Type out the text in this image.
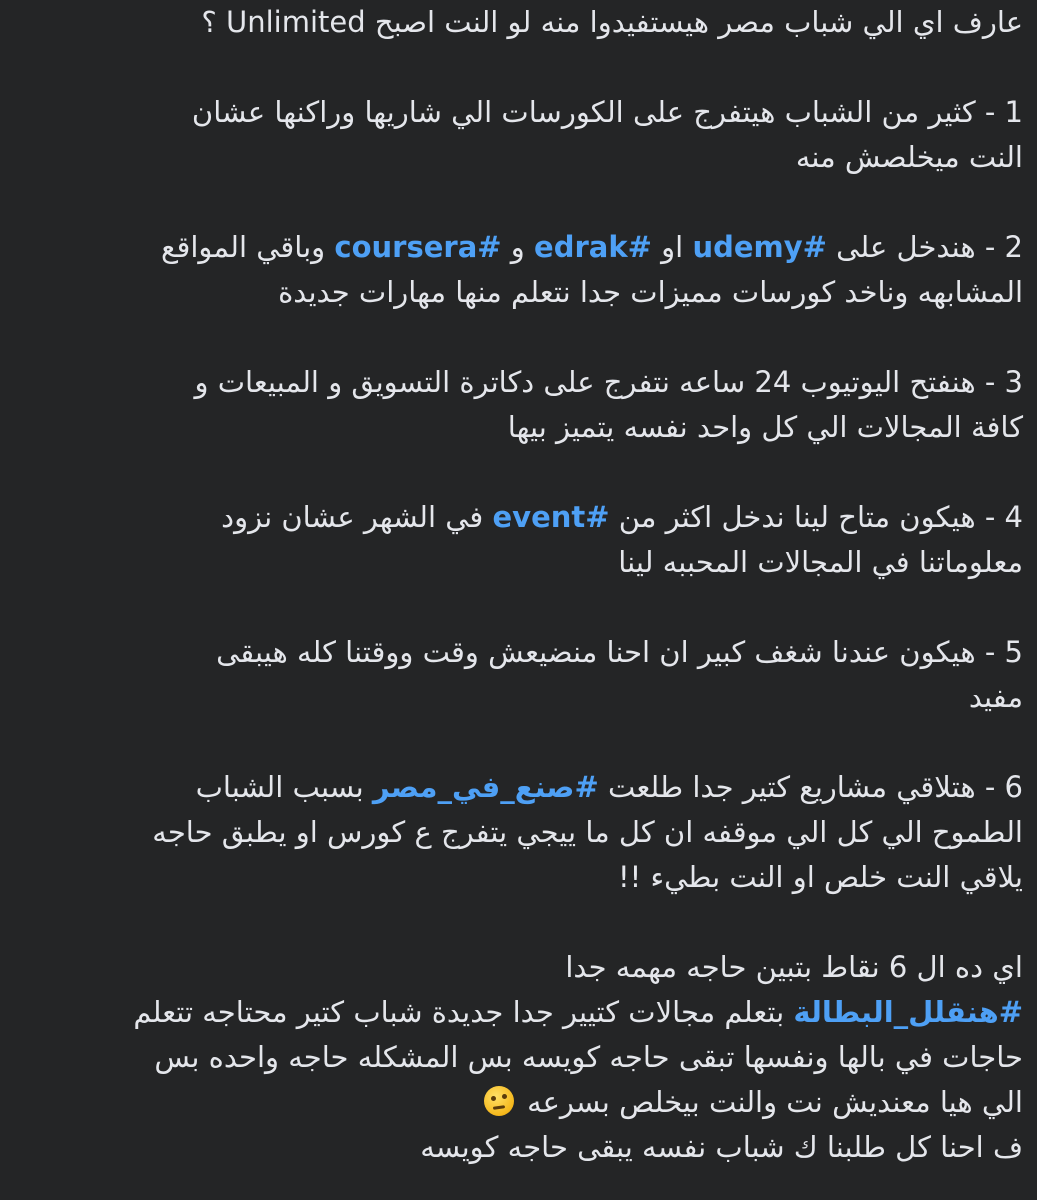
عارف اي الي شباب مصر هيستفيدوا منه لو النت اصبح Unlimited ؟
1 - كثير من الشباب هيتفرج على الكورسات الي شاريها وراكنها عشان
النت ميخلصش منه
2 - هندخل على #udemy او #edrak و #coursera وباقي المواقع
المشابهه وناخد كورسات مميزات جدا نتعلم منها مهارات جديدة
3 - هنفتح اليوتيوب 24 ساعه نتفرج على دكاترة التسويق و المبيعات و
كافة المجالات الي كل واحد نفسه يتميز بيها
4 - هيكون متاح لينا ندخل اكثر من #event في الشهر عشان نزود
معلوماتنا في المجالات المحببه لينا
5 - هيكون عندنا شغف كبير ان احنا منضيعش وقت ووقتنا كله هيبقى
مفيد
6 - هتلاقي مشاريع كتير جدا طلعت #صنع_في_مصر بسبب الشباب
الطموح الي كل الي موقفه ان كل ما ييجي يتفرج ع كورس او يطبق حاجه
يلاقي النت خلص او النت بطيء !!
اي ده ال 6 نقاط بتبين حاجه مهمه جدا
#هنقلل_البطالة بتعلم مجالات كتيير جدا جديدة شباب كتير محتاجه تتعلم
حاجات في بالها ونفسها تبقى حاجه كويسه بس المشكله حاجه واحده بس
الي هيا معنديش نت والنت بيخلص بسرعه
ف احنا كل طلبنا ك شباب نفسه يبقى حاجه كويسه
